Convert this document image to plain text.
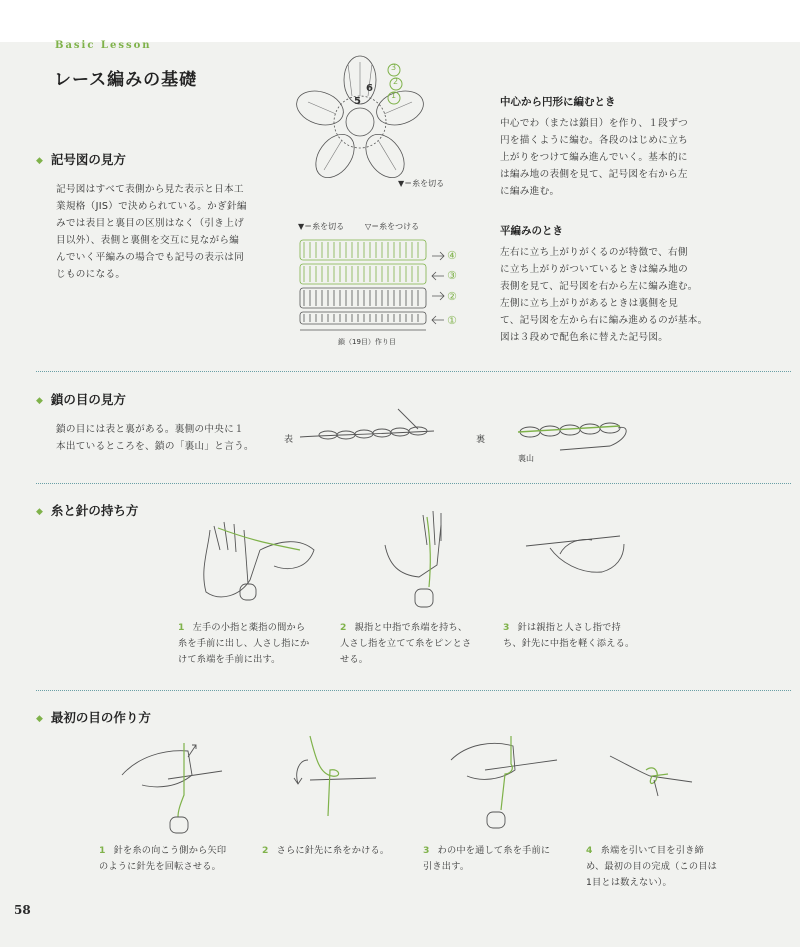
Basic Lesson
レース編みの基礎
◆ 記号図の見方
記号図はすべて表側から見た表示と日本工
業規格（JIS）で決められている。かぎ針編
みでは表目と裏目の区別はなく（引き上げ
目以外）、表側と裏側を交互に見ながら編
んでいく平編みの場合でも記号の表示は同
じものになる。
6
5
3
2
1
▼＝糸を切る
▼＝糸を切る	▽＝糸をつける
④
③
②
①
鎖（19目）作り目
中心から円形に編むとき
中心でわ（または鎖目）を作り、１段ずつ
円を描くように編む。各段のはじめに立ち
上がりをつけて編み進んでいく。基本的に
は編み地の表側を見て、記号図を右から左
に編み進む。
平編みのとき
左右に立ち上がりがくるのが特徴で、右側
に立ち上がりがついているときは編み地の
表側を見て、記号図を右から左に編み進む。
左側に立ち上がりがあるときは裏側を見
て、記号図を左から右に編み進めるのが基本。
図は３段めで配色糸に替えた記号図。
◆ 鎖の目の見方
鎖の目には表と裏がある。裏側の中央に１
本出ているところを、鎖の「裏山」と言う。
表	裏
裏山
◆ 糸と針の持ち方
1 左手の小指と薬指の間から
糸を手前に出し、人さし指にか
けて糸端を手前に出す。
2 親指と中指で糸端を持ち、
人さし指を立てて糸をピンとさ
せる。
3 針は親指と人さし指で持
ち、針先に中指を軽く添える。
◆ 最初の目の作り方
1 針を糸の向こう側から矢印
のように針先を回転させる。
2 さらに針先に糸をかける。	3 わの中を通して糸を手前に
引き出す。
4 糸端を引いて目を引き締
め、最初の目の完成（この目は
1目とは数えない）。
58
